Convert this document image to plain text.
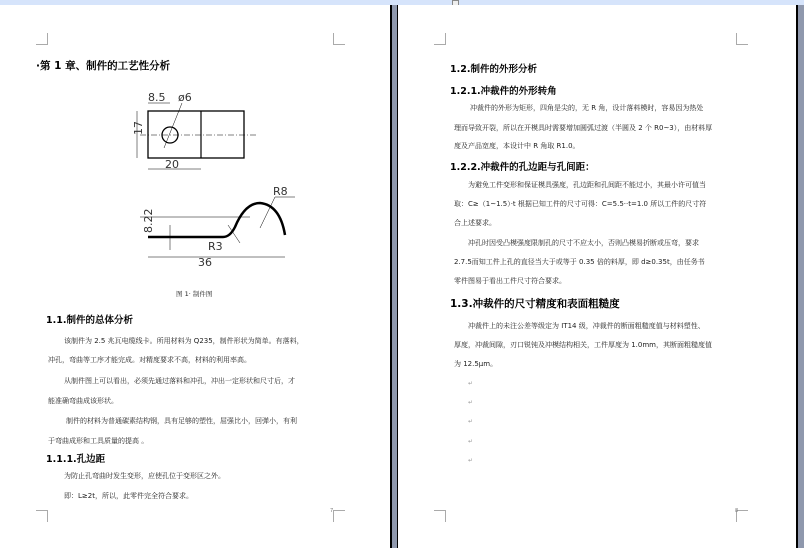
·第 1 章、制件的工艺性分析
8.5 ø6
17
20
R8
8.22
R3
36
图 1· 制件图
1.1.制件的总体分析
该制件为 2.5 兆瓦电缆线卡。所用材料为 Q235，制件形状为简单。有落料，
冲孔，弯曲等工序才能完成。对精度要求不高，材料的利用率高。
从制件图上可以看出，必须先通过落料和冲孔，冲出一定形状和尺寸后，才
能准确弯曲成该形状。
制件的材料为普通碳素结构钢，具有足够的塑性，屈强比小，回弹小，有利
于弯曲成形和工具质量的提高 。
1.1.1.孔边距
为防止孔弯曲时发生变形，应使孔位于变形区之外。
即：L≥2t，所以，此零件完全符合要求。
7
1.2.制件的外形分析
1.2.1.冲裁件的外形转角
冲裁件的外形为矩形，四角是尖的，无 R 角，设计落料模时，容易因为热处
理而导致开裂，所以在开模具时需要增加圆弧过渡（半圆及 2 个 R0~3），由材料厚
度及产品宽度，本设计中 R 角取 R1.0。
1.2.2.冲裁件的孔边距与孔间距：
为避免工件变形和保证模具强度，孔边距和孔间距不能过小，其最小许可值当
取：C≥（1~1.5）·t 根据已知工件的尺寸可得：C=5.5··t=1.0 所以工件的尺寸符
合上述要求。
冲孔时因受凸模强度限制孔的尺寸不应太小，否则凸模易折断或压弯，要求
2.7.5而知工件上孔的直径当大于或等于 0.35 倍的料厚，即 d≥0.35t，由任务书
零件图易于看出工件尺寸符合要求。
1.3.冲裁件的尺寸精度和表面粗糙度
冲裁件上的未注公差等级定为 IT14 级，冲裁件的断面粗糙度值与材料塑性、
厚度，冲裁间隙，刃口锐钝及冲模结构相关，工件厚度为 1.0mm，其断面粗糙度值
为 12.5μm。
↵
↵
↵
↵
↵
8
